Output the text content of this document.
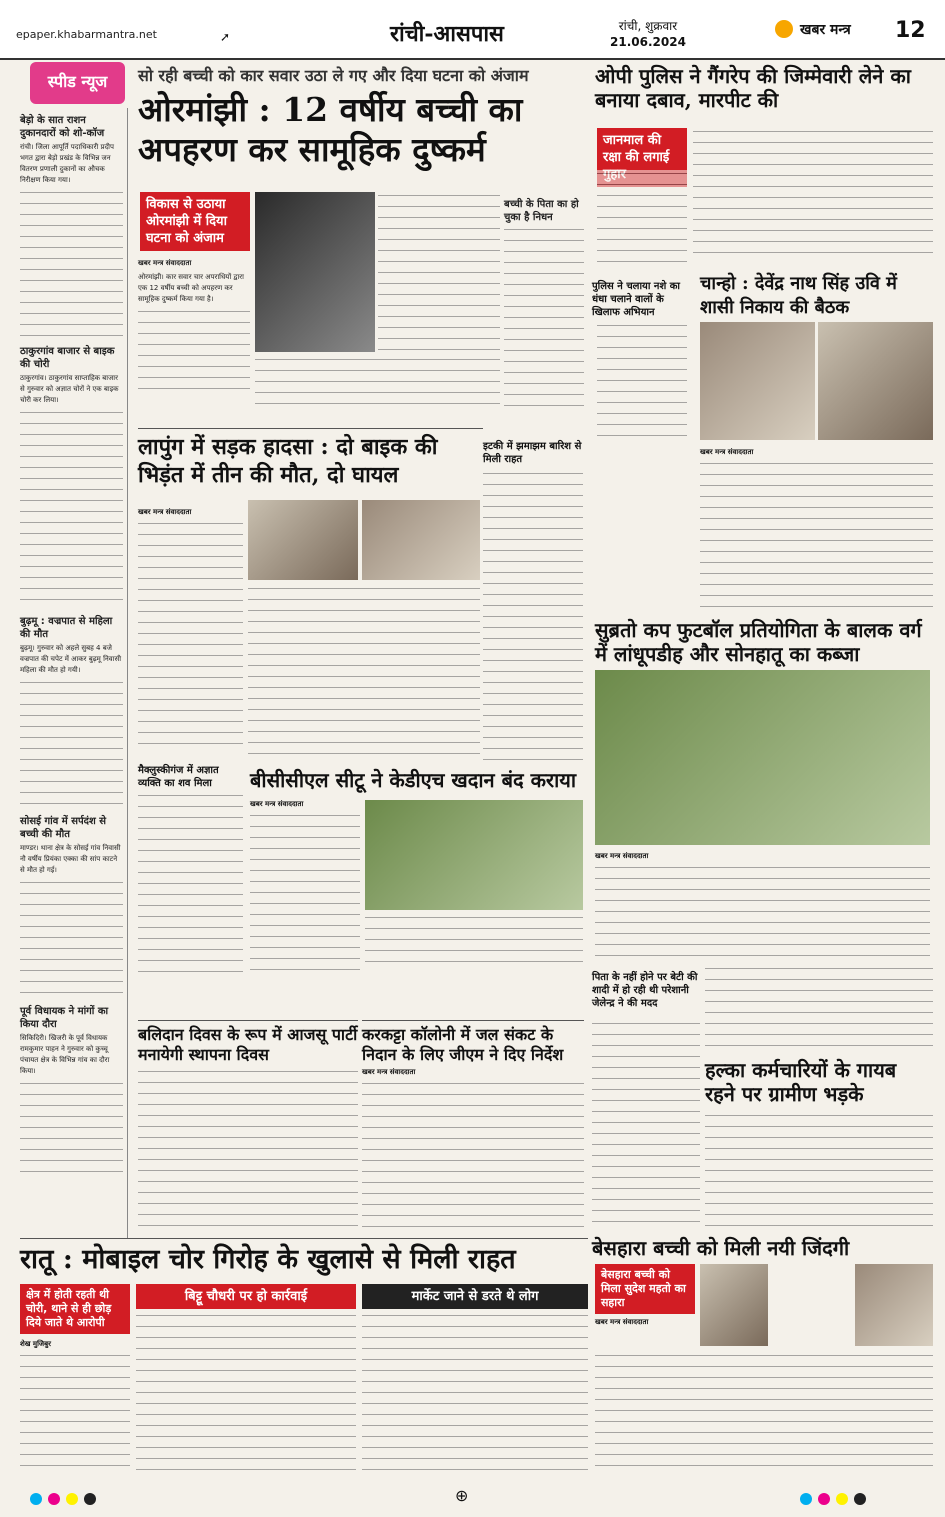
epaper.khabarmantra.net	➚	रांची-आसपास	रांची, शुक्रवार
21.06.2024
खबर मन्त्र 12
स्पीड न्यूज
बेड़ो के सात राशन दुकानदारों को शो-कॉज

रांची। जिला आपूर्ति पदाधिकारी प्रदीप भगत द्वारा बेड़ो प्रखंड के विभिन्न जन वितरण प्रणाली दुकानों का औचक निरीक्षण किया गया।

ठाकुरगांव बाजार से बाइक की चोरी

ठाकुरगांव। ठाकुरगांव साप्ताहिक बाजार से गुरुवार को अज्ञात चोरों ने एक बाइक चोरी कर लिया।

बुढ़मू : वज्रपात से महिला की मौत

बुढ़मू। गुरुवार को अहले सुबह 4 बजे वज्रपात की चपेट में आकर बुढ़मू निवासी महिला की मौत हो गयी।

सोसई गांव में सर्पदंश से बच्ची की मौत

माण्डर। थाना क्षेत्र के सोसई गांव निवासी नौ वर्षीय प्रियंका एक्का की सांप काटने से मौत हो गई।

पूर्व विधायक ने मांगों का किया दौरा

सिकिदिरी। खिजरी के पूर्व विधायक रामकुमार पाहन ने गुरुवार को कुच्चू पंचायत क्षेत्र के विभिन्न गांव का दौरा किया।

सो रही बच्ची को कार सवार उठा ले गए और दिया घटना को अंजाम
ओरमांझी : 12 वर्षीय बच्ची का अपहरण कर सामूहिक दुष्कर्म
विकास से उठाया ओरमांझी में दिया घटना को अंजाम
खबर मन्त्र संवाददाता

ओरमांझी। कार सवार चार अपराधियों द्वारा एक 12 वर्षीय बच्ची को अपहरण कर सामूहिक दुष्कर्म किया गया है।

बच्ची के पिता का हो चुका है निधन
ओपी पुलिस ने गैंगरेप की जिम्मेवारी लेने का बनाया दबाव, मारपीट की
जानमाल की रक्षा की लगाई
पुलिस ने चलाया नशे का धंधा चलाने वालों के खिलाफ अभियान
चान्हो : देवेंद्र नाथ सिंह उवि में शासी निकाय की बैठक
खबर मन्त्र संवाददाता
लापुंग में सड़क हादसा : दो बाइक की भिड़ंत में तीन की मौत, दो घायल
खबर मन्त्र संवाददाता
इटकी में झमाझम बारिश से मिली राहत
मैक्लुस्कीगंज में अज्ञात व्यक्ति का शव मिला	बीसीसीएल सीटू ने केडीएच खदान बंद कराया
खबर मन्त्र संवाददाता
सुब्रतो कप फुटबॉल प्रतियोगिता के बालक वर्ग में लांधूपडीह और सोनहातू का कब्जा
खबर मन्त्र संवाददाता
बलिदान दिवस के रूप में आजसू पार्टी मनायेगी स्थापना दिवस
करकट्टा कॉलोनी में जल संकट के निदान के लिए जीएम ने दिए निर्देश
खबर मन्त्र संवाददाता
पिता के नहीं होने पर बेटी की शादी में हो रही थी परेशानी जेलेन्द्र ने की मदद
हल्का कर्मचारियों के गायब रहने पर ग्रामीण भड़के
बेसहारा बच्ची को मिली नयी जिंदगी
बेसहारा बच्ची को मिला सुदेश महतो का सहारा
खबर मन्त्र संवाददाता
रातू : मोबाइल चोर गिरोह के खुलासे से मिली राहत
क्षेत्र में होती रहती थी चोरी, थाने से ही छोड़ दिये जाते थे आरोपी
बिट्टू चौधरी पर हो कार्रवाई	मार्केट जाने से डरते थे लोग
शेख मुजिबुर
⊕
